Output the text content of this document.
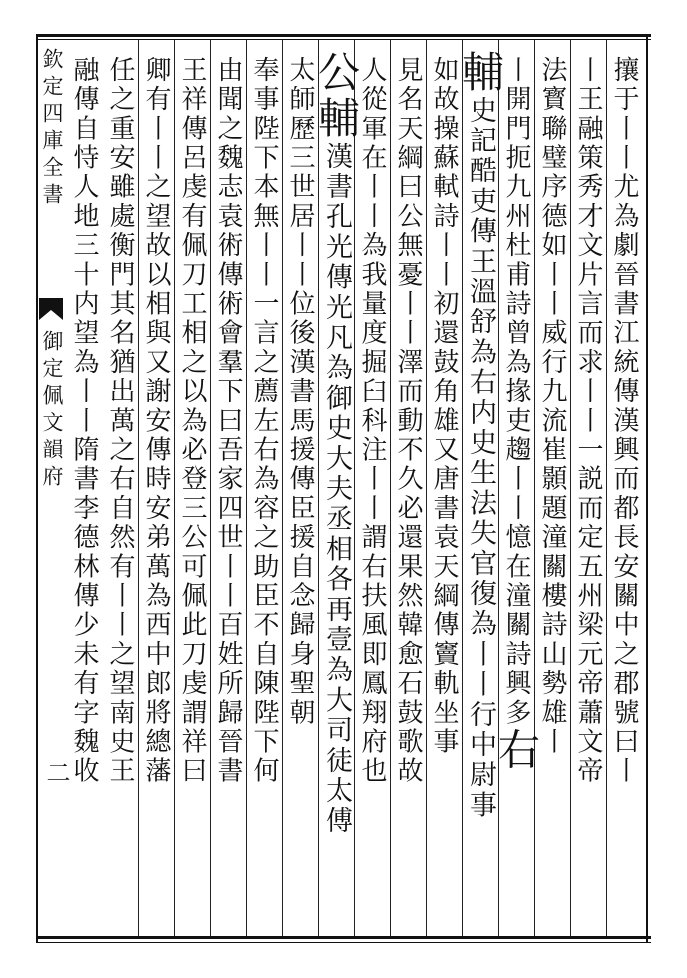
欽定四庫全書
御定佩文韻府
二	攘于丨丨尤為劇晉書江統傳漢興而都長安關中之郡號曰丨
丨王融策秀才文片言而求丨丨一説而定五州梁元帝蕭文帝
法寳聯璧序德如丨丨威行九流崔顥題潼關樓詩山勢雄丨
丨開門扼九州杜甫詩曾為掾吏趨丨丨憶在潼關詩興多右
輔史記酷吏傳王溫舒為右内史生法失官復為丨丨行中尉事
如故操蘇軾詩丨丨初還鼓角雄又唐書袁天綱傳竇軌坐事
見名天綱曰公無憂丨丨澤而動不久必還果然韓愈石鼓歌故
人從軍在丨丨為我量度掘臼科注丨丨謂右扶風即鳳翔府也
公輔漢書孔光傳光凡為御史大夫丞相各再壹為大司徒太傅
太師歷三世居丨丨位後漢書馬援傳臣援自念歸身聖朝
奉事陛下本無丨丨一言之薦左右為容之助臣不自陳陛下何
由聞之魏志袁術傳術會羣下曰吾家四世丨丨百姓所歸晉書
王祥傳呂虔有佩刀工相之以為必登三公可佩此刀虔謂祥曰
卿有丨丨之望故以相與又謝安傳時安弟萬為西中郎將總藩
任之重安雖處衡門其名猶出萬之右自然有丨丨之望南史王
融傳自恃人地三十内望為丨丨隋書李德林傳少未有字魏收
